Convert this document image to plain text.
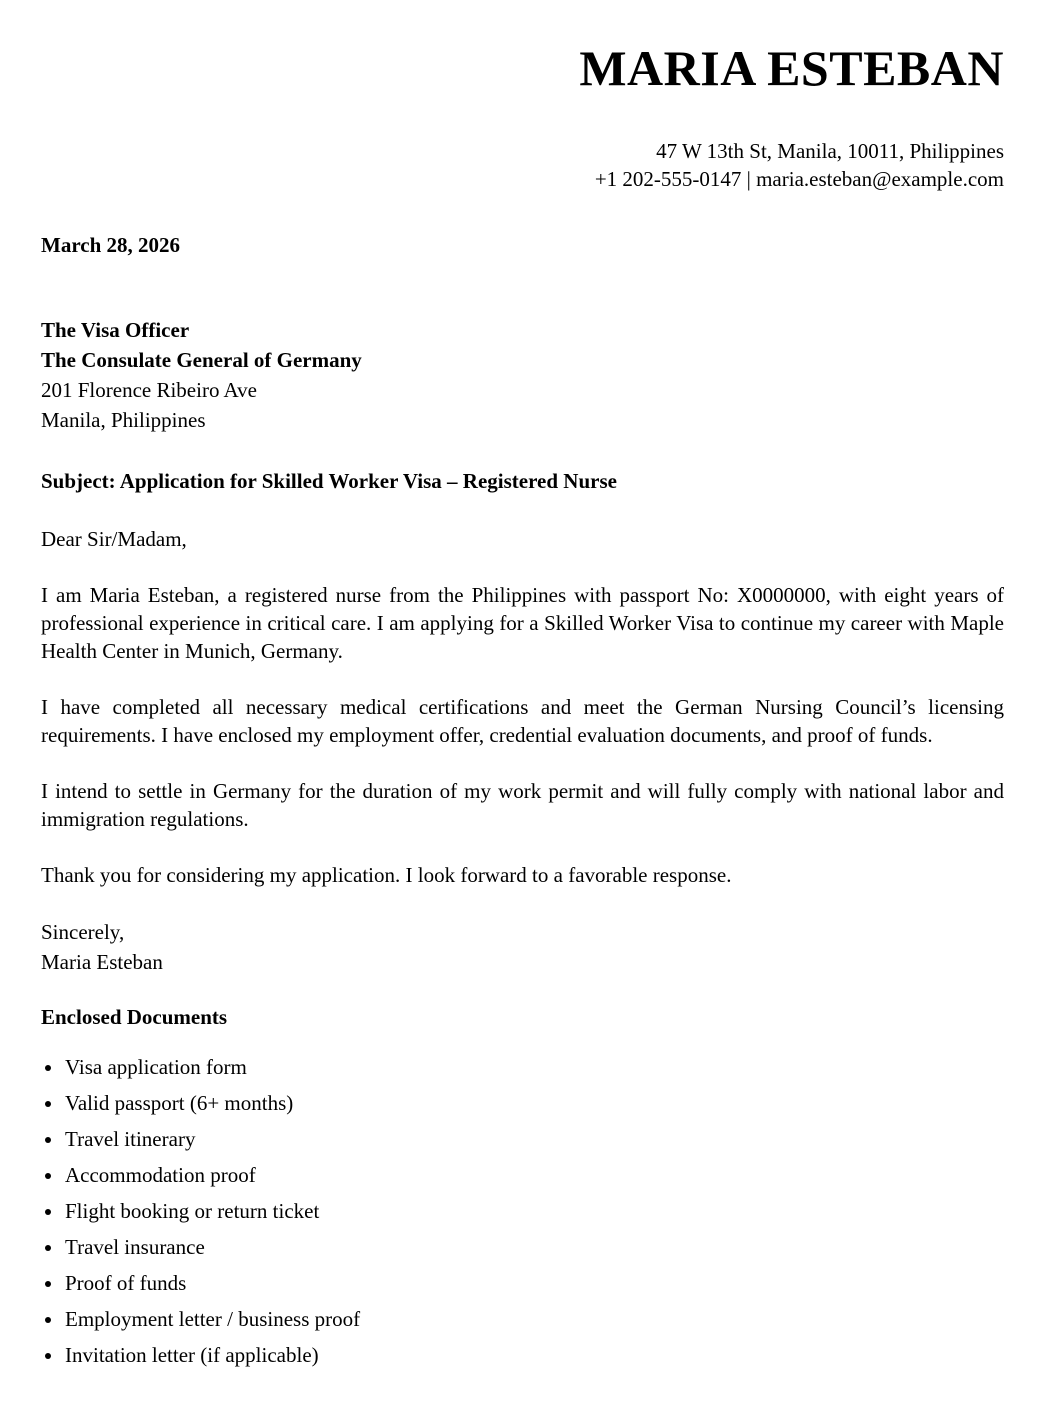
MARIA ESTEBAN
47 W 13th St, Manila, 10011, Philippines
+1 202-555-0147 | maria.esteban@example.com
March 28, 2026
The Visa Officer
The Consulate General of Germany
201 Florence Ribeiro Ave
Manila, Philippines
Subject: Application for Skilled Worker Visa – Registered Nurse
Dear Sir/Madam,

I am Maria Esteban, a registered nurse from the Philippines with passport No: X0000000, with eight years of professional experience in critical care. I am applying for a Skilled Worker Visa to continue my career with Maple Health Center in Munich, Germany.

I have completed all necessary medical certifications and meet the German Nursing Council’s licensing requirements. I have enclosed my employment offer, credential evaluation documents, and proof of funds.

I intend to settle in Germany for the duration of my work permit and will fully comply with national labor and immigration regulations.

Thank you for considering my application. I look forward to a favorable response.

Sincerely,
Maria Esteban
Enclosed Documents
• Visa application form
• Valid passport (6+ months)
• Travel itinerary
• Accommodation proof
• Flight booking or return ticket
• Travel insurance
• Proof of funds
• Employment letter / business proof
• Invitation letter (if applicable)
